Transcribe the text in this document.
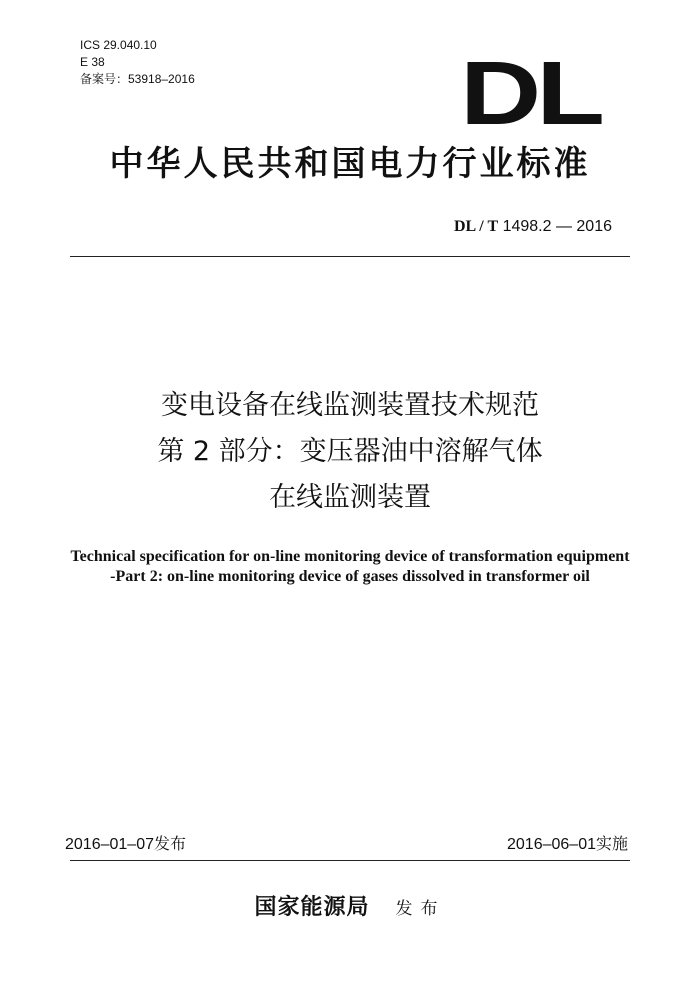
ICS 29.040.10
E 38
备案号：53918–2016	DL
中华人民共和国电力行业标准
DL / T 1498.2 — 2016
变电设备在线监测装置技术规范
第 2 部分：变压器油中溶解气体
在线监测装置
Technical specification for on-line monitoring device of transformation equipment
-Part 2: on-line monitoring device of gases dissolved in transformer oil
2016–01–07发布	2016–06–01实施
国家能源局 发布
